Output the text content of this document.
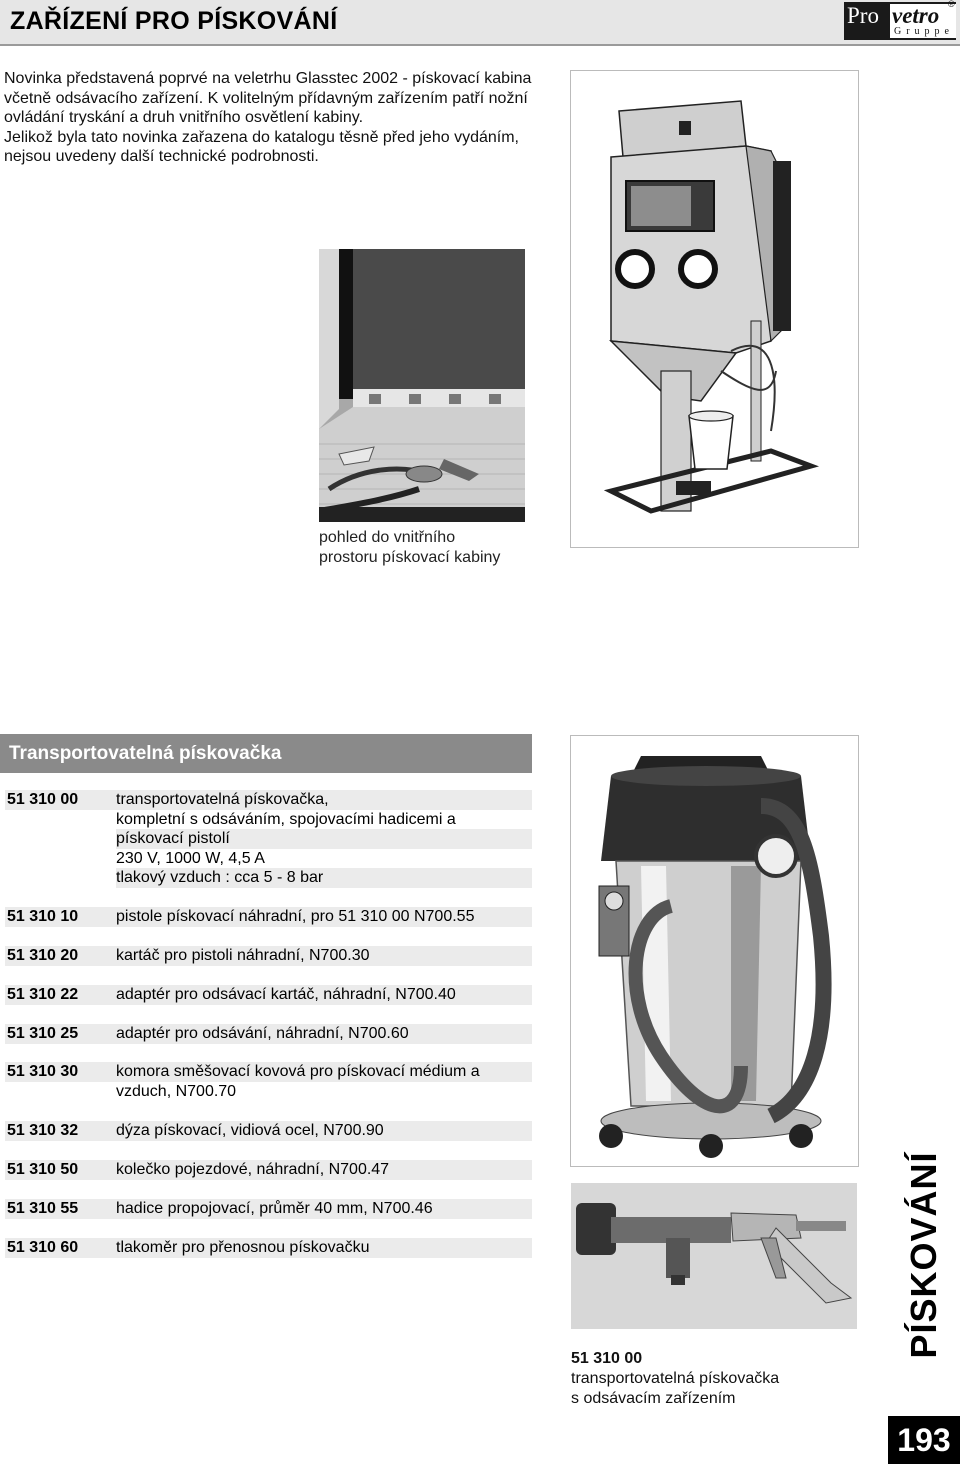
ZAŘÍZENÍ PRO PÍSKOVÁNÍ	Pro vetro
Gruppe
®

Novinka představená poprvé na veletrhu Glasstec 2002 - pískovací kabina včetně odsávacího zařízení. K volitelným přídavným zařízením patří nožní ovládání tryskání a druh vnitřního osvětlení kabiny.

Jelikož byla tato novinka zařazena do katalogu těsně před jeho vydáním, nejsou uvedeny další technické podrobnosti.

pohled do vnitřního
prostoru pískovací kabiny
Transportovatelná pískovačka
51 310 00 transportovatelná pískovačka,
kompletní s odsáváním, spojovacími hadicemi a
pískovací pistolí
230 V, 1000 W, 4,5 A
tlakový vzduch : cca 5 - 8 bar
51 310 10 pistole pískovací náhradní, pro 51 310 00 N700.55
51 310 20 kartáč pro pistoli náhradní, N700.30
51 310 22 adaptér pro odsávací kartáč, náhradní, N700.40
51 310 25 adaptér pro odsávání, náhradní, N700.60
51 310 30 komora směšovací kovová pro pískovací médium a
vzduch, N700.70
51 310 32 dýza pískovací, vidiová ocel, N700.90
51 310 50 kolečko pojezdové, náhradní, N700.47
51 310 55 hadice propojovací, průměr 40 mm, N700.46
51 310 60 tlakoměr pro přenosnou pískovačku
51 310 00
transportovatelná pískovačka
s odsávacím zařízením
PÍSKOVÁNÍ
193
